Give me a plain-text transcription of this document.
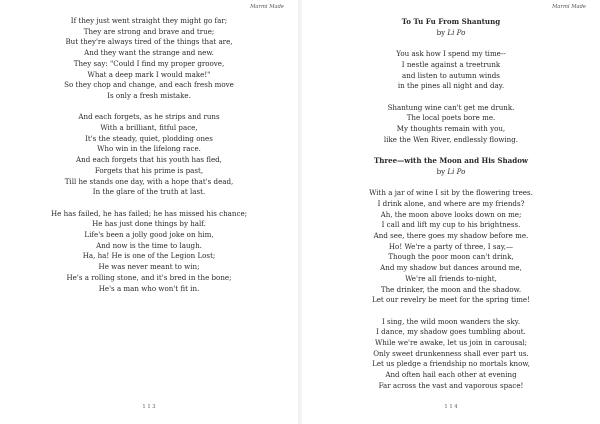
Marmi Made
If they just went straight they might go far;
They are strong and brave and true;
But they're always tired of the things that are,
And they want the strange and new.
They say: "Could I find my proper groove,
What a deep mark I would make!"
So they chop and change, and each fresh move
Is only a fresh mistake.
And each forgets, as he strips and runs
With a brilliant, fitful pace,
It's the steady, quiet, plodding ones
Who win in the lifelong race.
And each forgets that his youth has fled,
Forgets that his prime is past,
Till he stands one day, with a hope that's dead,
In the glare of the truth at last.
He has failed, he has failed; he has missed his chance;
He has just done things by half.
Life's been a jolly good joke on him,
And now is the time to laugh.
Ha, ha! He is one of the Legion Lost;
He was never meant to win;
He's a rolling stone, and it's bred in the bone;
He's a man who won't fit in.
1 1 3
Marmi Made
To Tu Fu From Shantung
by Li Po
You ask how I spend my time--
I nestle against a treetrunk
and listen to autumn winds
in the pines all night and day.
Shantung wine can't get me drunk.
The local poets bore me.
My thoughts remain with you,
like the Wen River, endlessly flowing.
Three—with the Moon and His Shadow
by Li Po
With a jar of wine I sit by the flowering trees.
I drink alone, and where are my friends?
Ah, the moon above looks down on me;
I call and lift my cup to his brightness.
And see, there goes my shadow before me.
Ho! We're a party of three, I say,—
Though the poor moon can't drink,
And my shadow but dances around me,
We're all friends to-night,
The drinker, the moon and the shadow.
Let our revelry be meet for the spring time!
I sing, the wild moon wanders the sky.
I dance, my shadow goes tumbling about.
While we're awake, let us join in carousal;
Only sweet drunkenness shall ever part us.
Let us pledge a friendship no mortals know,
And often hail each other at evening
Far across the vast and vaporous space!
1 1 4
